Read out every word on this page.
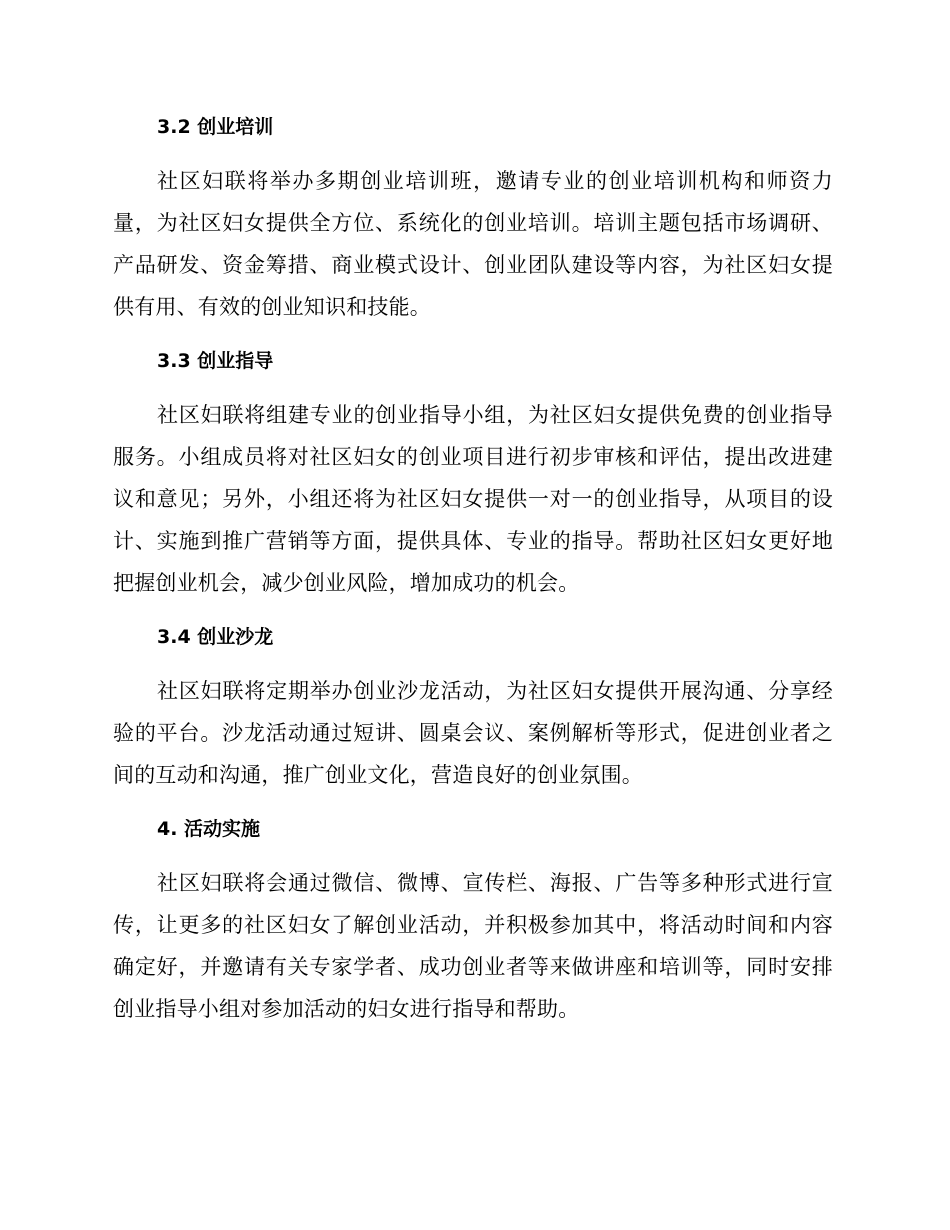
3.2 创业培训

社区妇联将举办多期创业培训班，邀请专业的创业培训机构和师资力量，为社区妇女提供全方位、系统化的创业培训。培训主题包括市场调研、产品研发、资金筹措、商业模式设计、创业团队建设等内容，为社区妇女提供有用、有效的创业知识和技能。

3.3 创业指导

社区妇联将组建专业的创业指导小组，为社区妇女提供免费的创业指导服务。小组成员将对社区妇女的创业项目进行初步审核和评估，提出改进建议和意见；另外，小组还将为社区妇女提供一对一的创业指导，从项目的设计、实施到推广营销等方面，提供具体、专业的指导。帮助社区妇女更好地把握创业机会，减少创业风险，增加成功的机会。

3.4 创业沙龙

社区妇联将定期举办创业沙龙活动，为社区妇女提供开展沟通、分享经验的平台。沙龙活动通过短讲、圆桌会议、案例解析等形式，促进创业者之间的互动和沟通，推广创业文化，营造良好的创业氛围。

4. 活动实施

社区妇联将会通过微信、微博、宣传栏、海报、广告等多种形式进行宣传，让更多的社区妇女了解创业活动，并积极参加其中，将活动时间和内容确定好，并邀请有关专家学者、成功创业者等来做讲座和培训等，同时安排创业指导小组对参加活动的妇女进行指导和帮助。
